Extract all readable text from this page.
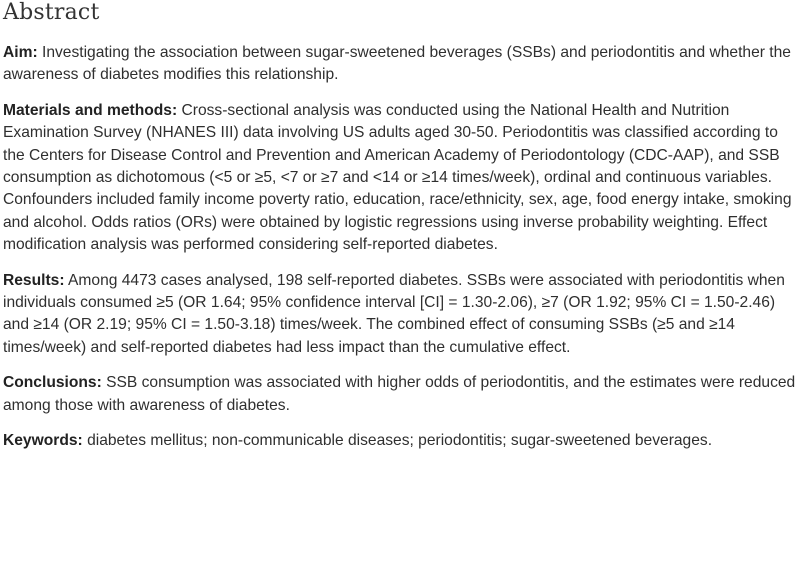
Abstract

Aim: Investigating the association between sugar-sweetened beverages (SSBs) and periodontitis and whether the awareness of diabetes modifies this relationship.

Materials and methods: Cross-sectional analysis was conducted using the National Health and Nutrition Examination Survey (NHANES III) data involving US adults aged 30-50. Periodontitis was classified according to the Centers for Disease Control and Prevention and American Academy of Periodontology (CDC-AAP), and SSB consumption as dichotomous (<5 or ≥5, <7 or ≥7 and <14 or ≥14 times/week), ordinal and continuous variables. Confounders included family income poverty ratio, education, race/ethnicity, sex, age, food energy intake, smoking and alcohol. Odds ratios (ORs) were obtained by logistic regressions using inverse probability weighting. Effect modification analysis was performed considering self-reported diabetes.

Results: Among 4473 cases analysed, 198 self-reported diabetes. SSBs were associated with periodontitis when individuals consumed ≥5 (OR 1.64; 95% confidence interval [CI] = 1.30-2.06), ≥7 (OR 1.92; 95% CI = 1.50-2.46) and ≥14 (OR 2.19; 95% CI = 1.50-3.18) times/week. The combined effect of consuming SSBs (≥5 and ≥14 times/week) and self-reported diabetes had less impact than the cumulative effect.

Conclusions: SSB consumption was associated with higher odds of periodontitis, and the estimates were reduced among those with awareness of diabetes.

Keywords: diabetes mellitus; non-communicable diseases; periodontitis; sugar-sweetened beverages.
